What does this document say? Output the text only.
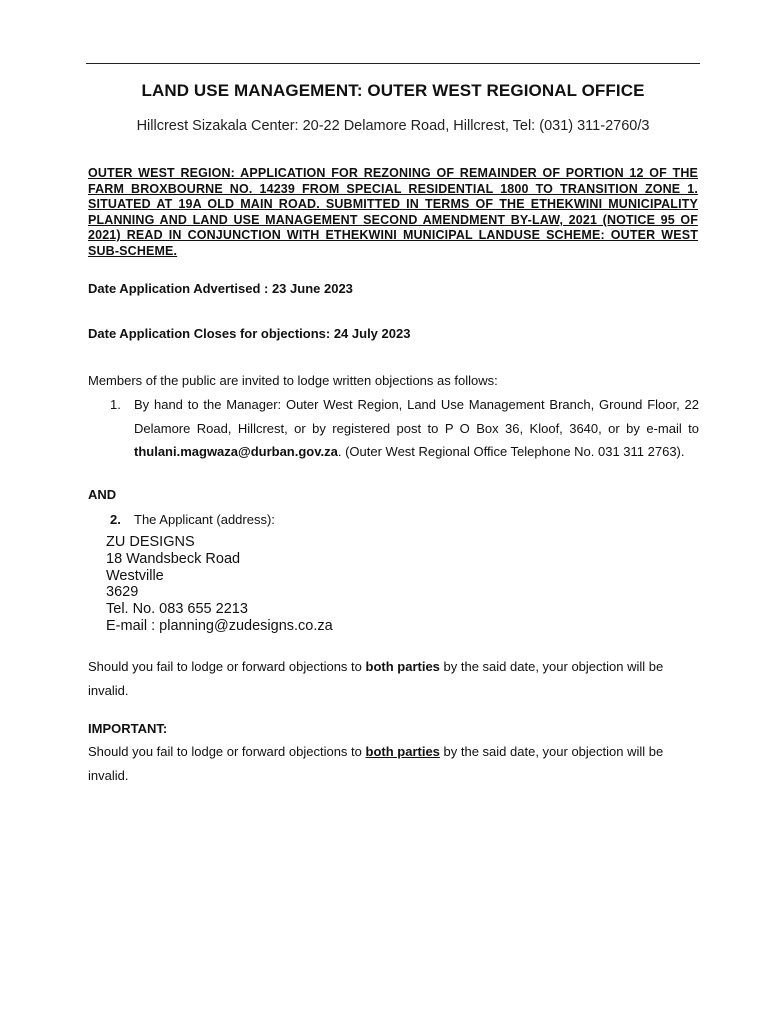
LAND USE MANAGEMENT: OUTER WEST REGIONAL OFFICE
Hillcrest Sizakala Center: 20-22 Delamore Road, Hillcrest, Tel: (031) 311-2760/3
OUTER WEST REGION: APPLICATION FOR REZONING OF REMAINDER OF PORTION 12 OF THE FARM BROXBOURNE NO. 14239 FROM SPECIAL RESIDENTIAL 1800 TO TRANSITION ZONE 1. SITUATED AT 19A OLD MAIN ROAD. SUBMITTED IN TERMS OF THE ETHEKWINI MUNICIPALITY PLANNING AND LAND USE MANAGEMENT SECOND AMENDMENT BY-LAW, 2021 (NOTICE 95 OF 2021) READ IN CONJUNCTION WITH ETHEKWINI MUNICIPAL LANDUSE SCHEME: OUTER WEST SUB-SCHEME.
Date Application Advertised : 23 June 2023
Date Application Closes for objections: 24 July 2023
Members of the public are invited to lodge written objections as follows:
1. By hand to the Manager: Outer West Region, Land Use Management Branch, Ground Floor, 22 Delamore Road, Hillcrest, or by registered post to P O Box 36, Kloof, 3640, or by e-mail to thulani.magwaza@durban.gov.za. (Outer West Regional Office Telephone No. 031 311 2763).
AND
2. The Applicant (address):
ZU DESIGNS
18 Wandsbeck Road
Westville
3629
Tel. No. 083 655 2213
E-mail : planning@zudesigns.co.za
Should you fail to lodge or forward objections to both parties by the said date, your objection will be invalid.
IMPORTANT:
Should you fail to lodge or forward objections to both parties by the said date, your objection will be invalid.
